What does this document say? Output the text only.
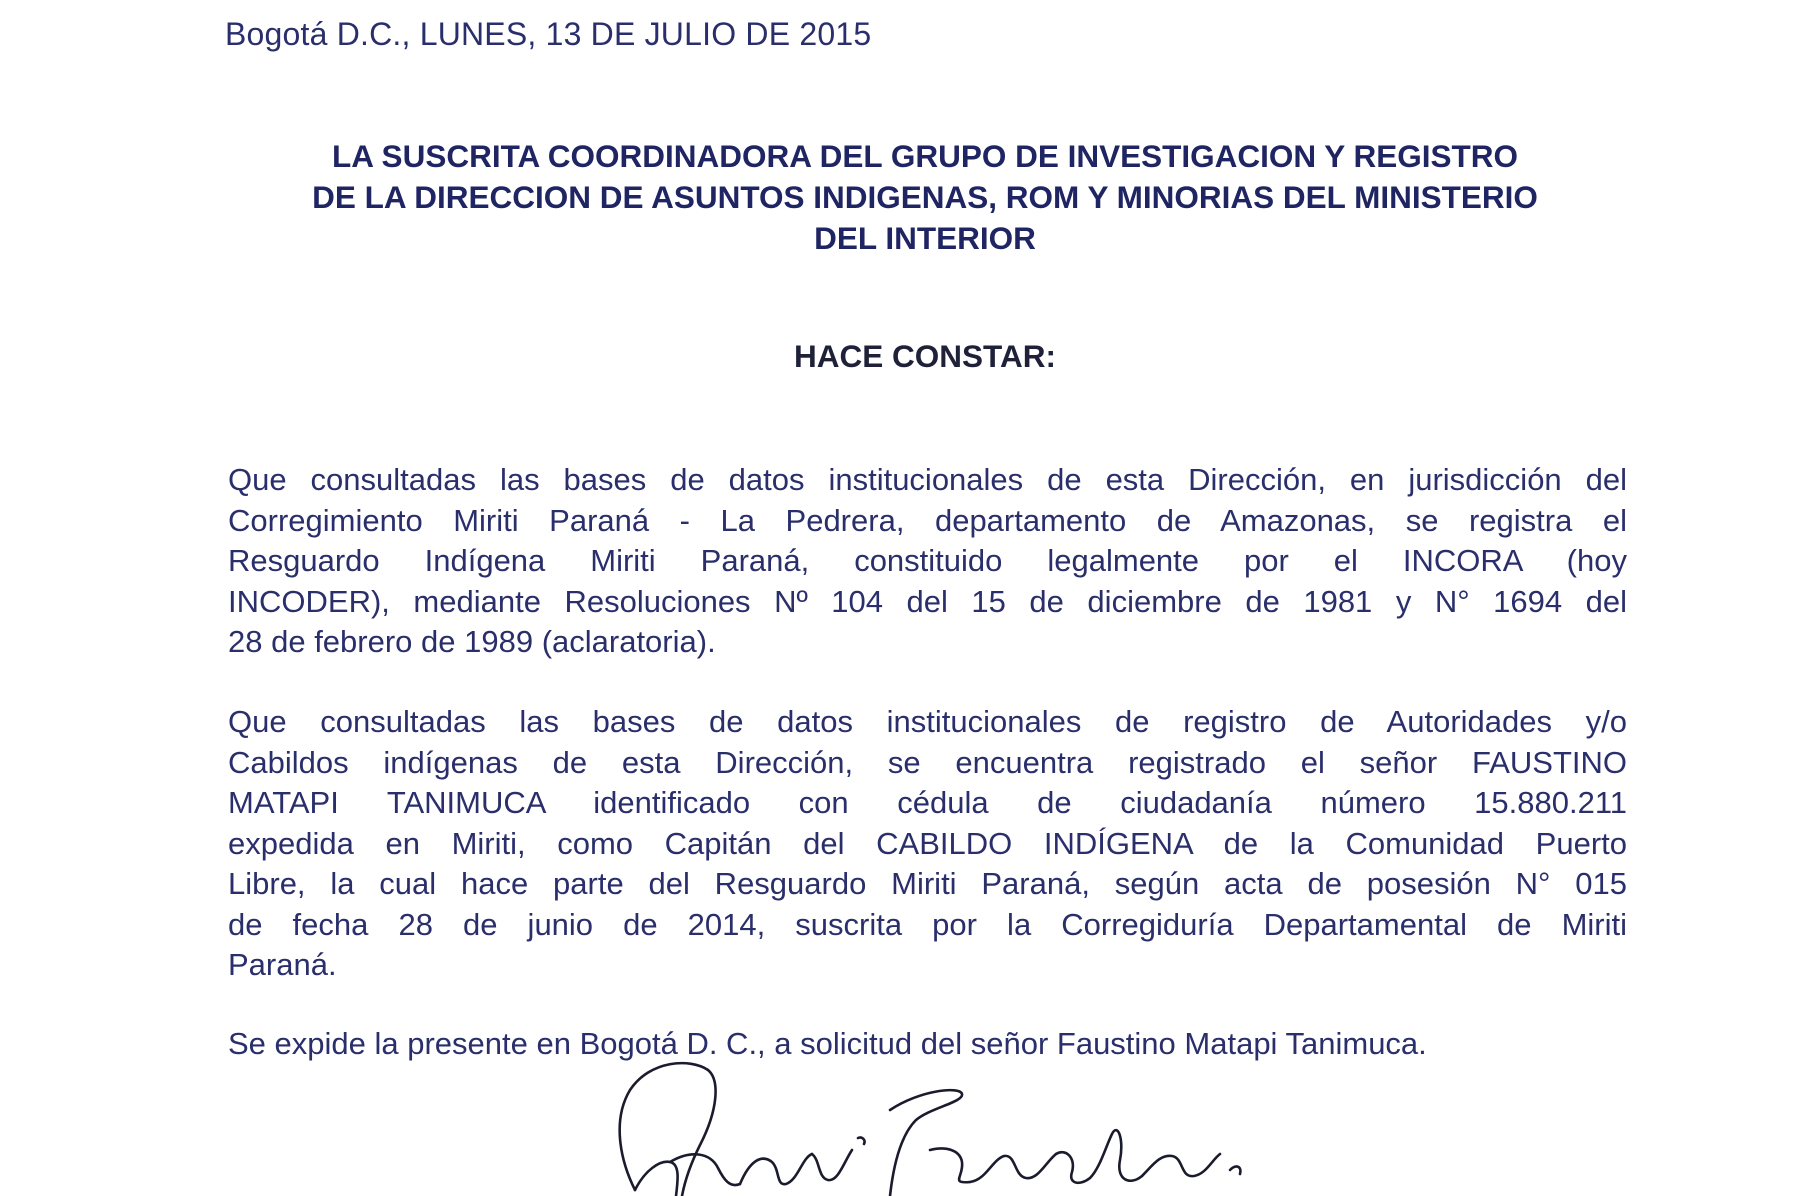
Bogotá D.C., LUNES, 13 DE JULIO DE 2015
LA SUSCRITA COORDINADORA DEL GRUPO DE INVESTIGACION Y REGISTRO
DE LA DIRECCION DE ASUNTOS INDIGENAS, ROM Y MINORIAS DEL MINISTERIO
DEL INTERIOR
HACE CONSTAR:
Que consultadas las bases de datos institucionales de esta Dirección, en jurisdicción del
Corregimiento Miriti Paraná - La Pedrera, departamento de Amazonas, se registra el
Resguardo Indígena Miriti Paraná, constituido legalmente por el INCORA (hoy
INCODER), mediante Resoluciones Nº 104 del 15 de diciembre de 1981 y N° 1694 del
28 de febrero de 1989 (aclaratoria).
Que consultadas las bases de datos institucionales de registro de Autoridades y/o
Cabildos indígenas de esta Dirección, se encuentra registrado el señor FAUSTINO
MATAPI TANIMUCA identificado con cédula de ciudadanía número 15.880.211
expedida en Miriti, como Capitán del CABILDO INDÍGENA de la Comunidad Puerto
Libre, la cual hace parte del Resguardo Miriti Paraná, según acta de posesión N° 015
de fecha 28 de junio de 2014, suscrita por la Corregiduría Departamental de Miriti
Paraná.
Se expide la presente en Bogotá D. C., a solicitud del señor Faustino Matapi Tanimuca.
